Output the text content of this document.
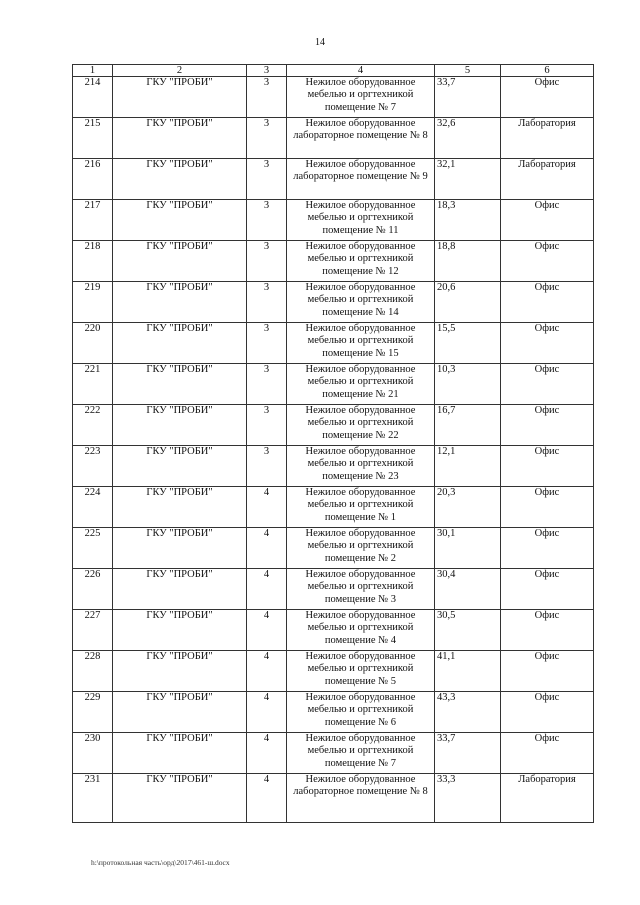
14
1	2	3	4	5	6
214	ГКУ "ПРОБИ"	3	Нежилое оборудованное мебелью и оргтехникой помещение № 7	33,7	Офис
215	ГКУ "ПРОБИ"	3	Нежилое оборудованное лабораторное помещение № 8	32,6	Лаборатория
216	ГКУ "ПРОБИ"	3	Нежилое оборудованное лабораторное помещение № 9	32,1	Лаборатория
217	ГКУ "ПРОБИ"	3	Нежилое оборудованное мебелью и оргтехникой помещение № 11	18,3	Офис
218	ГКУ "ПРОБИ"	3	Нежилое оборудованное мебелью и оргтехникой помещение № 12	18,8	Офис
219	ГКУ "ПРОБИ"	3	Нежилое оборудованное мебелью и оргтехникой помещение № 14	20,6	Офис
220	ГКУ "ПРОБИ"	3	Нежилое оборудованное мебелью и оргтехникой помещение № 15	15,5	Офис
221	ГКУ "ПРОБИ"	3	Нежилое оборудованное мебелью и оргтехникой помещение № 21	10,3	Офис
222	ГКУ "ПРОБИ"	3	Нежилое оборудованное мебелью и оргтехникой помещение № 22	16,7	Офис
223	ГКУ "ПРОБИ"	3	Нежилое оборудованное мебелью и оргтехникой помещение № 23	12,1	Офис
224	ГКУ "ПРОБИ"	4	Нежилое оборудованное мебелью и оргтехникой помещение № 1	20,3	Офис
225	ГКУ "ПРОБИ"	4	Нежилое оборудованное мебелью и оргтехникой помещение № 2	30,1	Офис
226	ГКУ "ПРОБИ"	4	Нежилое оборудованное мебелью и оргтехникой помещение № 3	30,4	Офис
227	ГКУ "ПРОБИ"	4	Нежилое оборудованное мебелью и оргтехникой помещение № 4	30,5	Офис
228	ГКУ "ПРОБИ"	4	Нежилое оборудованное мебелью и оргтехникой помещение № 5	41,1	Офис
229	ГКУ "ПРОБИ"	4	Нежилое оборудованное мебелью и оргтехникой помещение № 6	43,3	Офис
230	ГКУ "ПРОБИ"	4	Нежилое оборудованное мебелью и оргтехникой помещение № 7	33,7	Офис
231	ГКУ "ПРОБИ"	4	Нежилое оборудованное лабораторное помещение № 8	33,3	Лаборатория
h:\протокольная часть\орд\2017\461-ш.docx
